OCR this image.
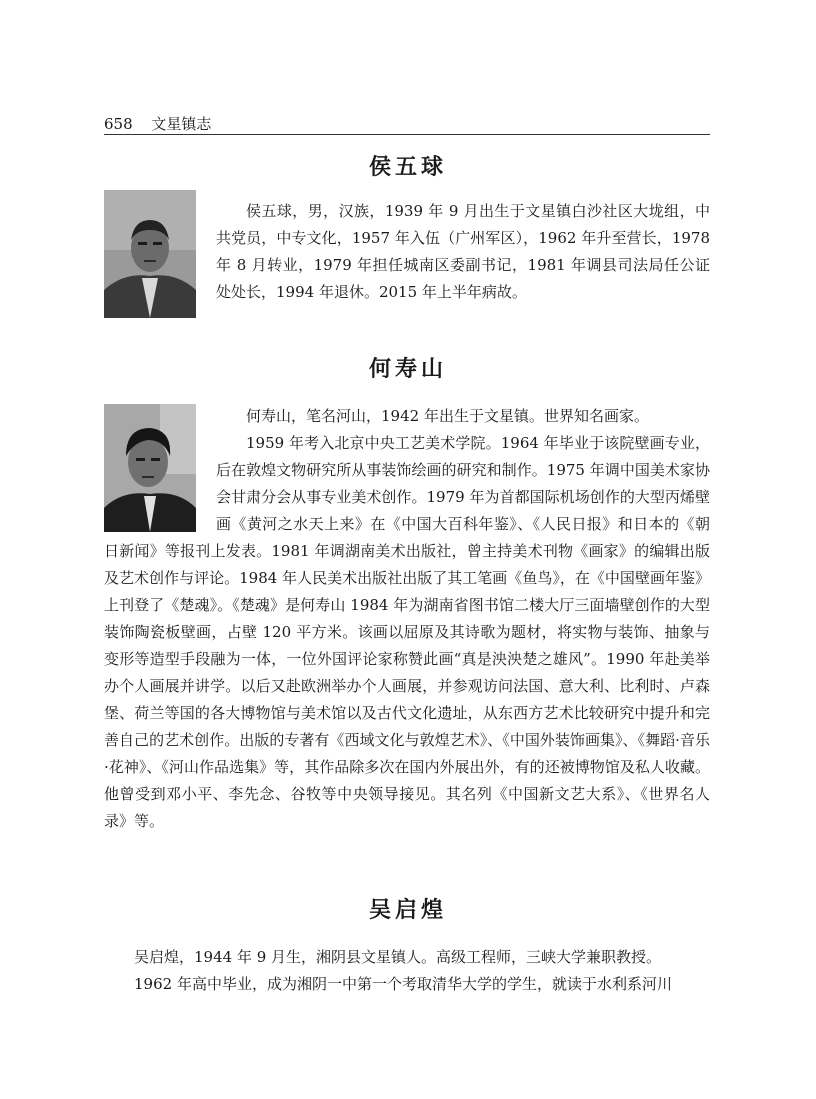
658 文星镇志
侯五球

侯五球，男，汉族，1939 年 9 月出生于文星镇白沙社区大垅组，中共党员，中专文化，1957 年入伍（广州军区），1962 年升至营长，1978 年 8 月转业，1979 年担任城南区委副书记，1981 年调县司法局任公证处处长，1994 年退休。2015 年上半年病故。

何寿山

何寿山，笔名河山，1942 年出生于文星镇。世界知名画家。

1959 年考入北京中央工艺美术学院。1964 年毕业于该院壁画专业，后在敦煌文物研究所从事装饰绘画的研究和制作。1975 年调中国美术家协会甘肃分会从事专业美术创作。1979 年为首都国际机场创作的大型丙烯壁画《黄河之水天上来》在《中国大百科年鉴》、《人民日报》和日本的《朝日新闻》等报刊上发表。1981 年调湖南美术出版社，曾主持美术刊物《画家》的编辑出版及艺术创作与评论。1984 年人民美术出版社出版了其工笔画《鱼鸟》，在《中国壁画年鉴》上刊登了《楚魂》。《楚魂》是何寿山 1984 年为湖南省图书馆二楼大厅三面墙壁创作的大型装饰陶瓷板壁画，占壁 120 平方米。该画以屈原及其诗歌为题材，将实物与装饰、抽象与变形等造型手段融为一体，一位外国评论家称赞此画“真是泱泱楚之雄风”。1990 年赴美举办个人画展并讲学。以后又赴欧洲举办个人画展，并参观访问法国、意大利、比利时、卢森堡、荷兰等国的各大博物馆与美术馆以及古代文化遗址，从东西方艺术比较研究中提升和完善自己的艺术创作。出版的专著有《西域文化与敦煌艺术》、《中国外装饰画集》、《舞蹈·音乐·花神》、《河山作品选集》等，其作品除多次在国内外展出外，有的还被博物馆及私人收藏。他曾受到邓小平、李先念、谷牧等中央领导接见。其名列《中国新文艺大系》、《世界名人录》等。

吴启煌

吴启煌，1944 年 9 月生，湘阴县文星镇人。高级工程师，三峡大学兼职教授。

1962 年高中毕业，成为湘阴一中第一个考取清华大学的学生，就读于水利系河川
